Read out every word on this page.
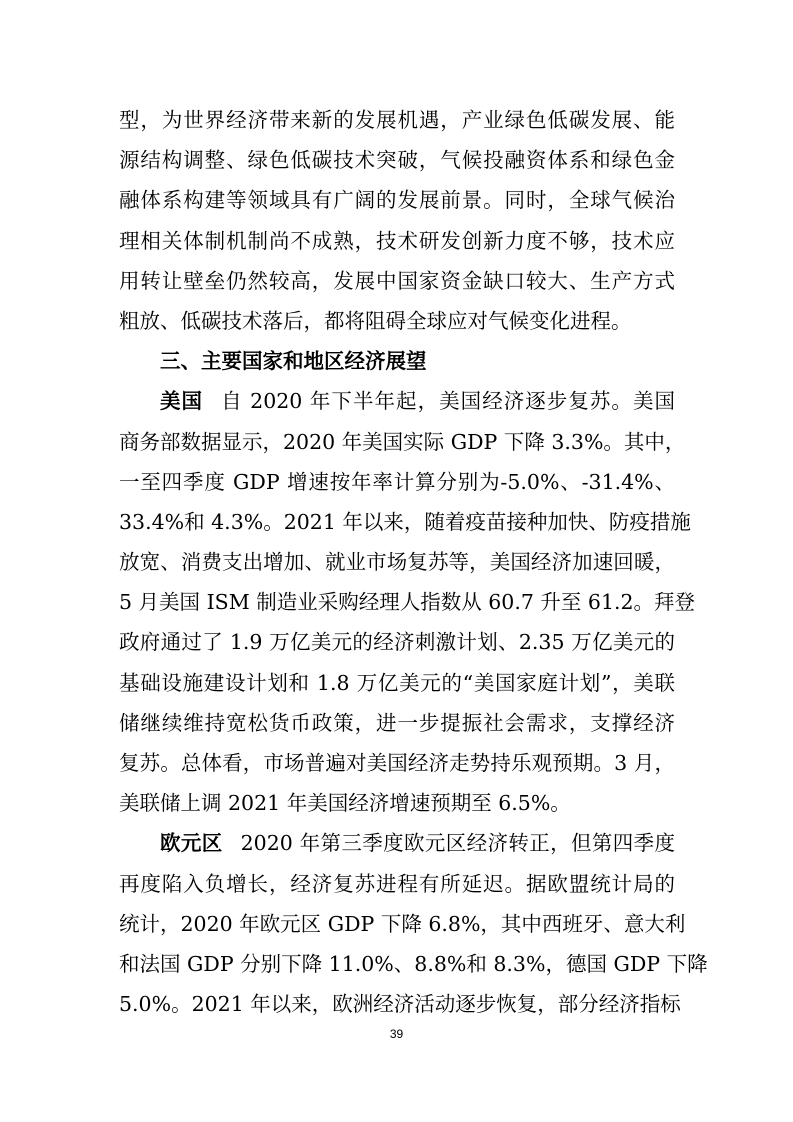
型，为世界经济带来新的发展机遇，产业绿色低碳发展、能
源结构调整、绿色低碳技术突破，气候投融资体系和绿色金
融体系构建等领域具有广阔的发展前景。同时，全球气候治
理相关体制机制尚不成熟，技术研发创新力度不够，技术应
用转让壁垒仍然较高，发展中国家资金缺口较大、生产方式
粗放、低碳技术落后，都将阻碍全球应对气候变化进程。
三、主要国家和地区经济展望
美国 自 2020 年下半年起，美国经济逐步复苏。美国
商务部数据显示，2020 年美国实际 GDP 下降 3.3%。其中，
一至四季度 GDP 增速按年率计算分别为-5.0%、-31.4%、
33.4%和 4.3%。2021 年以来，随着疫苗接种加快、防疫措施
放宽、消费支出增加、就业市场复苏等，美国经济加速回暖，
5 月美国 ISM 制造业采购经理人指数从 60.7 升至 61.2。拜登
政府通过了 1.9 万亿美元的经济刺激计划、2.35 万亿美元的
基础设施建设计划和 1.8 万亿美元的“美国家庭计划”，美联
储继续维持宽松货币政策，进一步提振社会需求，支撑经济
复苏。总体看，市场普遍对美国经济走势持乐观预期。3 月，
美联储上调 2021 年美国经济增速预期至 6.5%。
欧元区 2020 年第三季度欧元区经济转正，但第四季度
再度陷入负增长，经济复苏进程有所延迟。据欧盟统计局的
统计，2020 年欧元区 GDP 下降 6.8%，其中西班牙、意大利
和法国 GDP 分别下降 11.0%、8.8%和 8.3%，德国 GDP 下降
5.0%。2021 年以来，欧洲经济活动逐步恢复，部分经济指标
39
